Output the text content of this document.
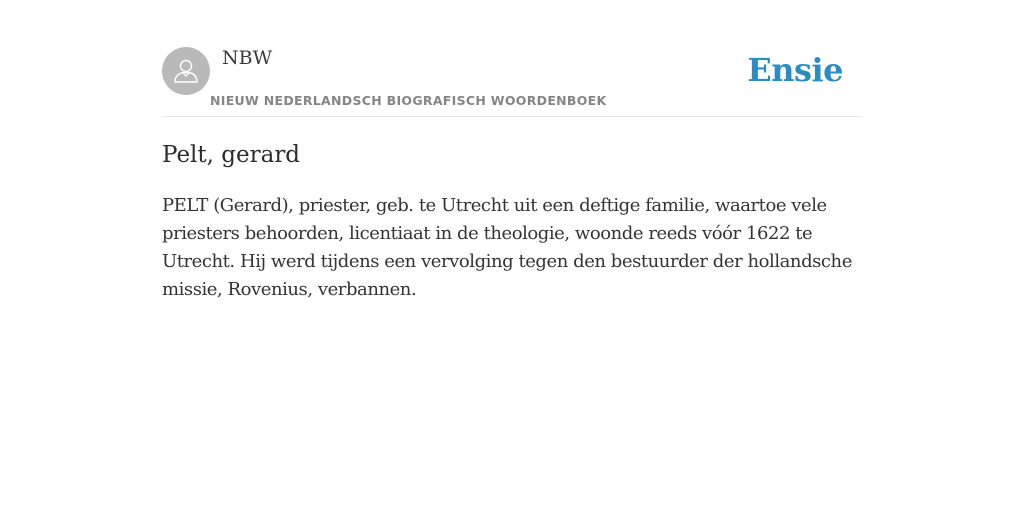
NBW
NIEUW NEDERLANDSCH BIOGRAFISCH WOORDENBOEK
Ensie
Pelt, gerard

PELT (Gerard), priester, geb. te Utrecht uit een deftige familie, waartoe vele priesters behoorden, licentiaat in de theologie, woonde reeds vóór 1622 te Utrecht. Hij werd tijdens een vervolging tegen den bestuurder der hollandsche missie, Rovenius, verbannen.
